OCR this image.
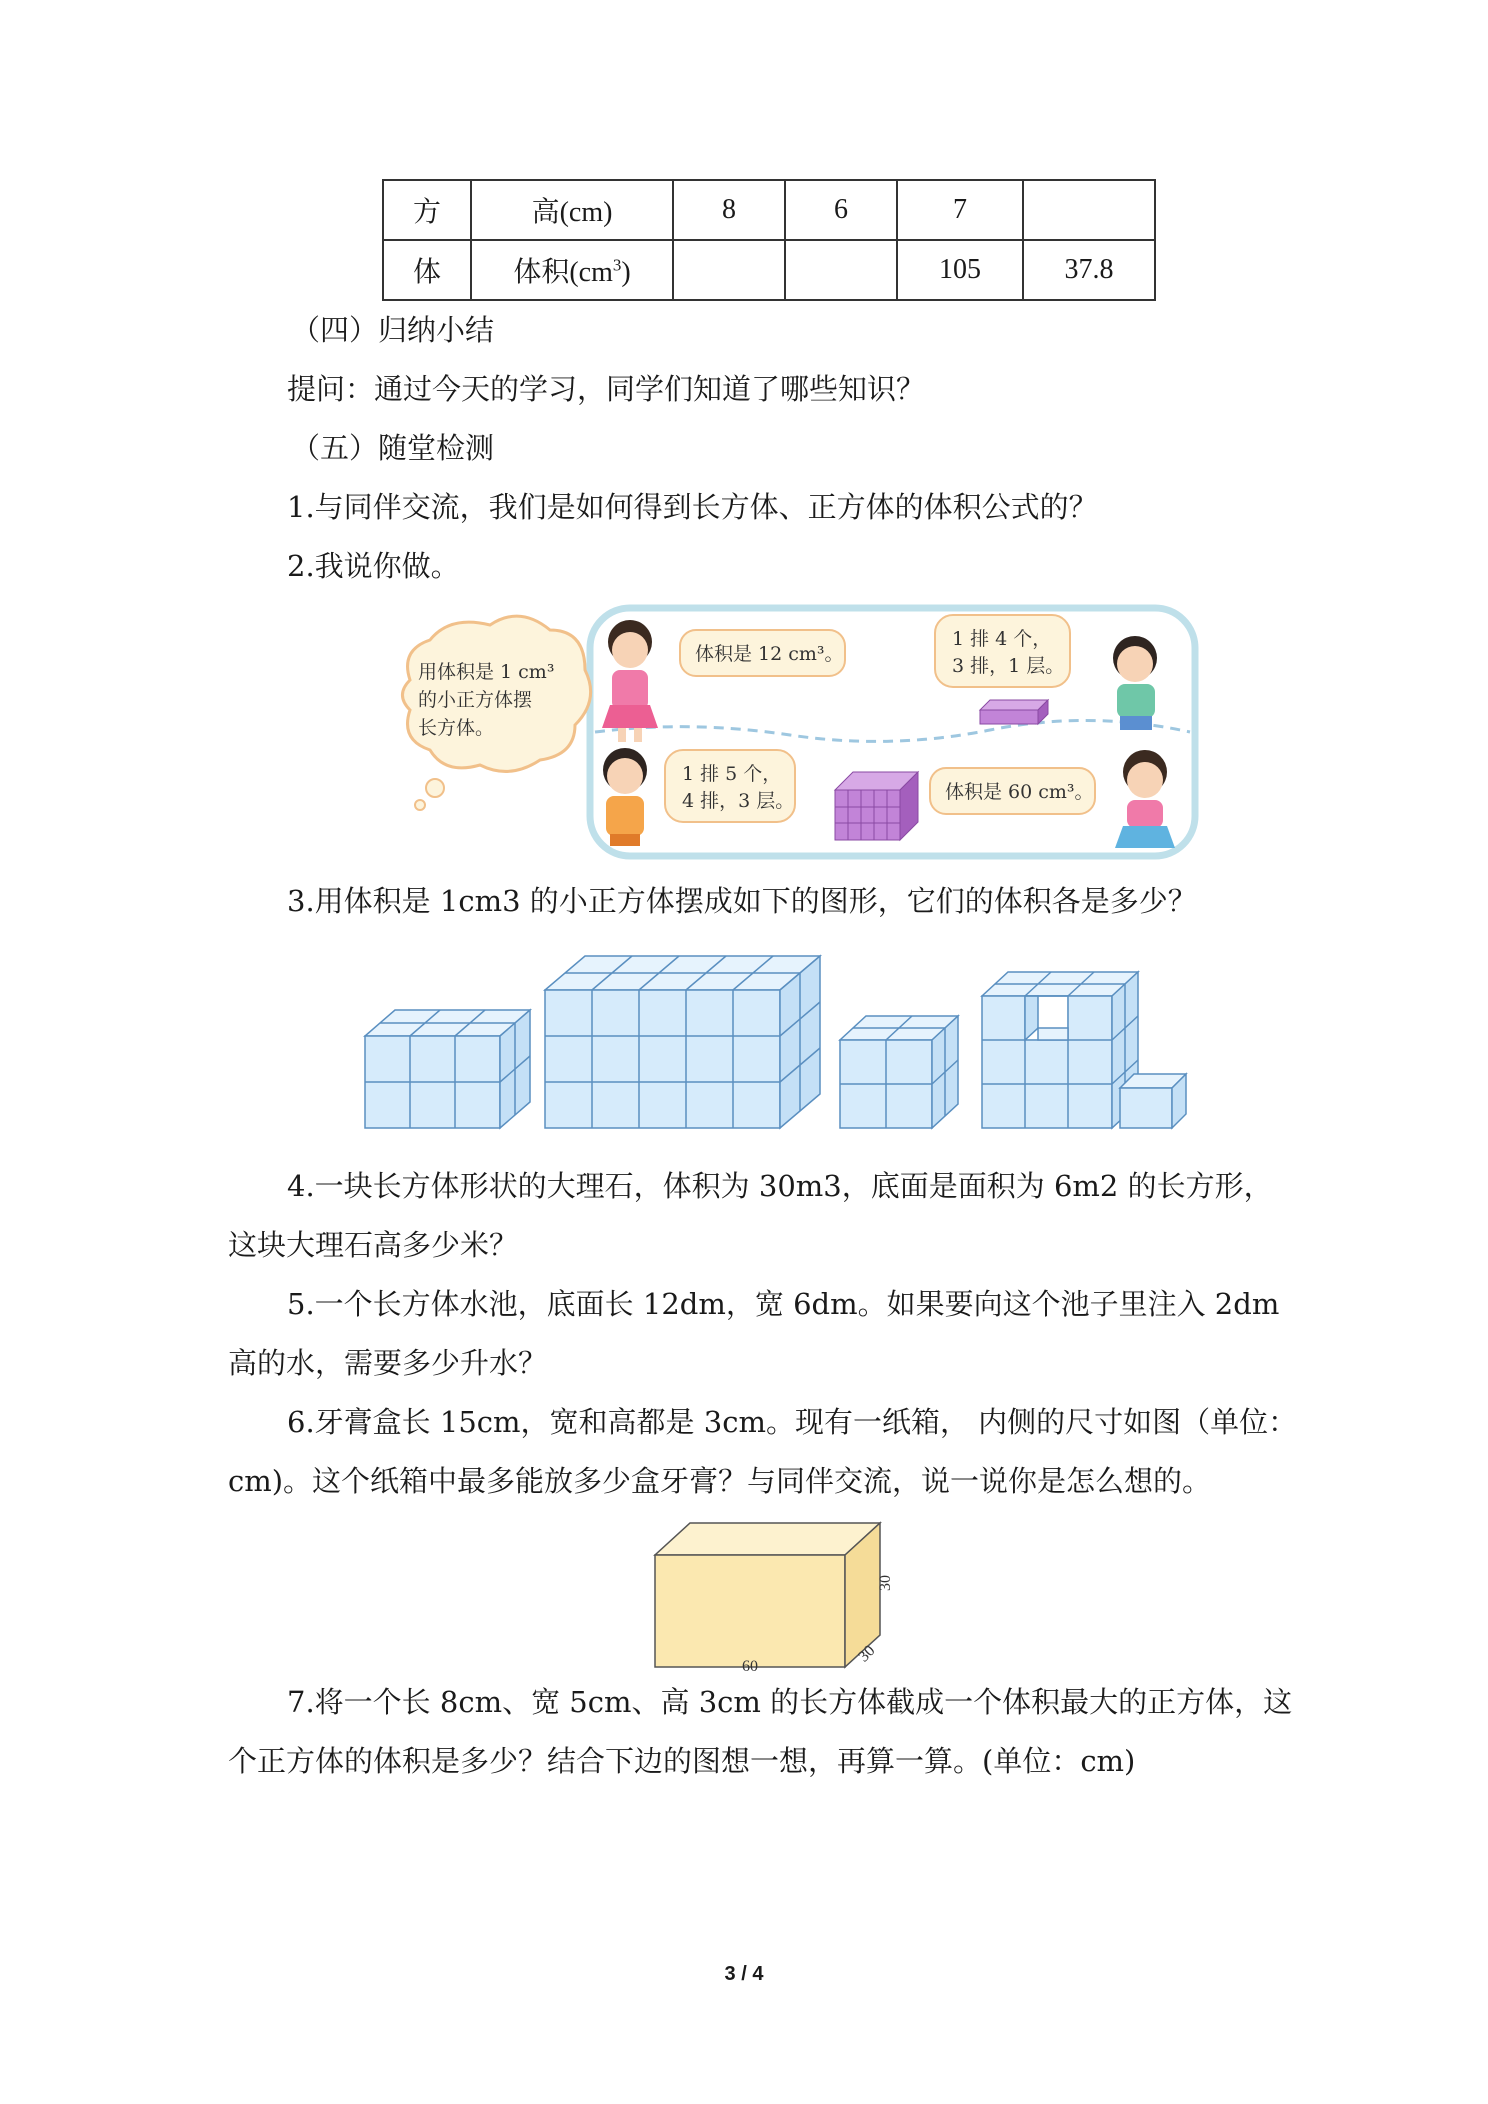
方	高(cm)	8	6	7	
体	体积$(cm^3)$			105	37.8
（四）归纳小结
提问：通过今天的学习，同学们知道了哪些知识？
（五）随堂检测
1.与同伴交流，我们是如何得到长方体、正方体的体积公式的？
2.我说你做。
用体积是 1 cm³
的小正方体摆
长方体。
体积是 12 cm³。
1 排 4 个，
3 排，1 层。
1 排 5 个，
4 排，3 层。	体积是 60 cm³。
3.用体积是 1cm3 的小正方体摆成如下的图形，它们的体积各是多少？
4.一块长方体形状的大理石，体积为 30m3，底面是面积为 6m2 的长方形，
这块大理石高多少米？
5.一个长方体水池，底面长 12dm，宽 6dm。如果要向这个池子里注入 2dm
高的水，需要多少升水？
6.牙膏盒长 15cm，宽和高都是 3cm。现有一纸箱， 内侧的尺寸如图（单位：
cm)。这个纸箱中最多能放多少盒牙膏？与同伴交流，说一说你是怎么想的。
30
30
60
7.将一个长 8cm、宽 5cm、高 3cm 的长方体截成一个体积最大的正方体，这
个正方体的体积是多少？结合下边的图想一想，再算一算。(单位：cm)
3 / 4
